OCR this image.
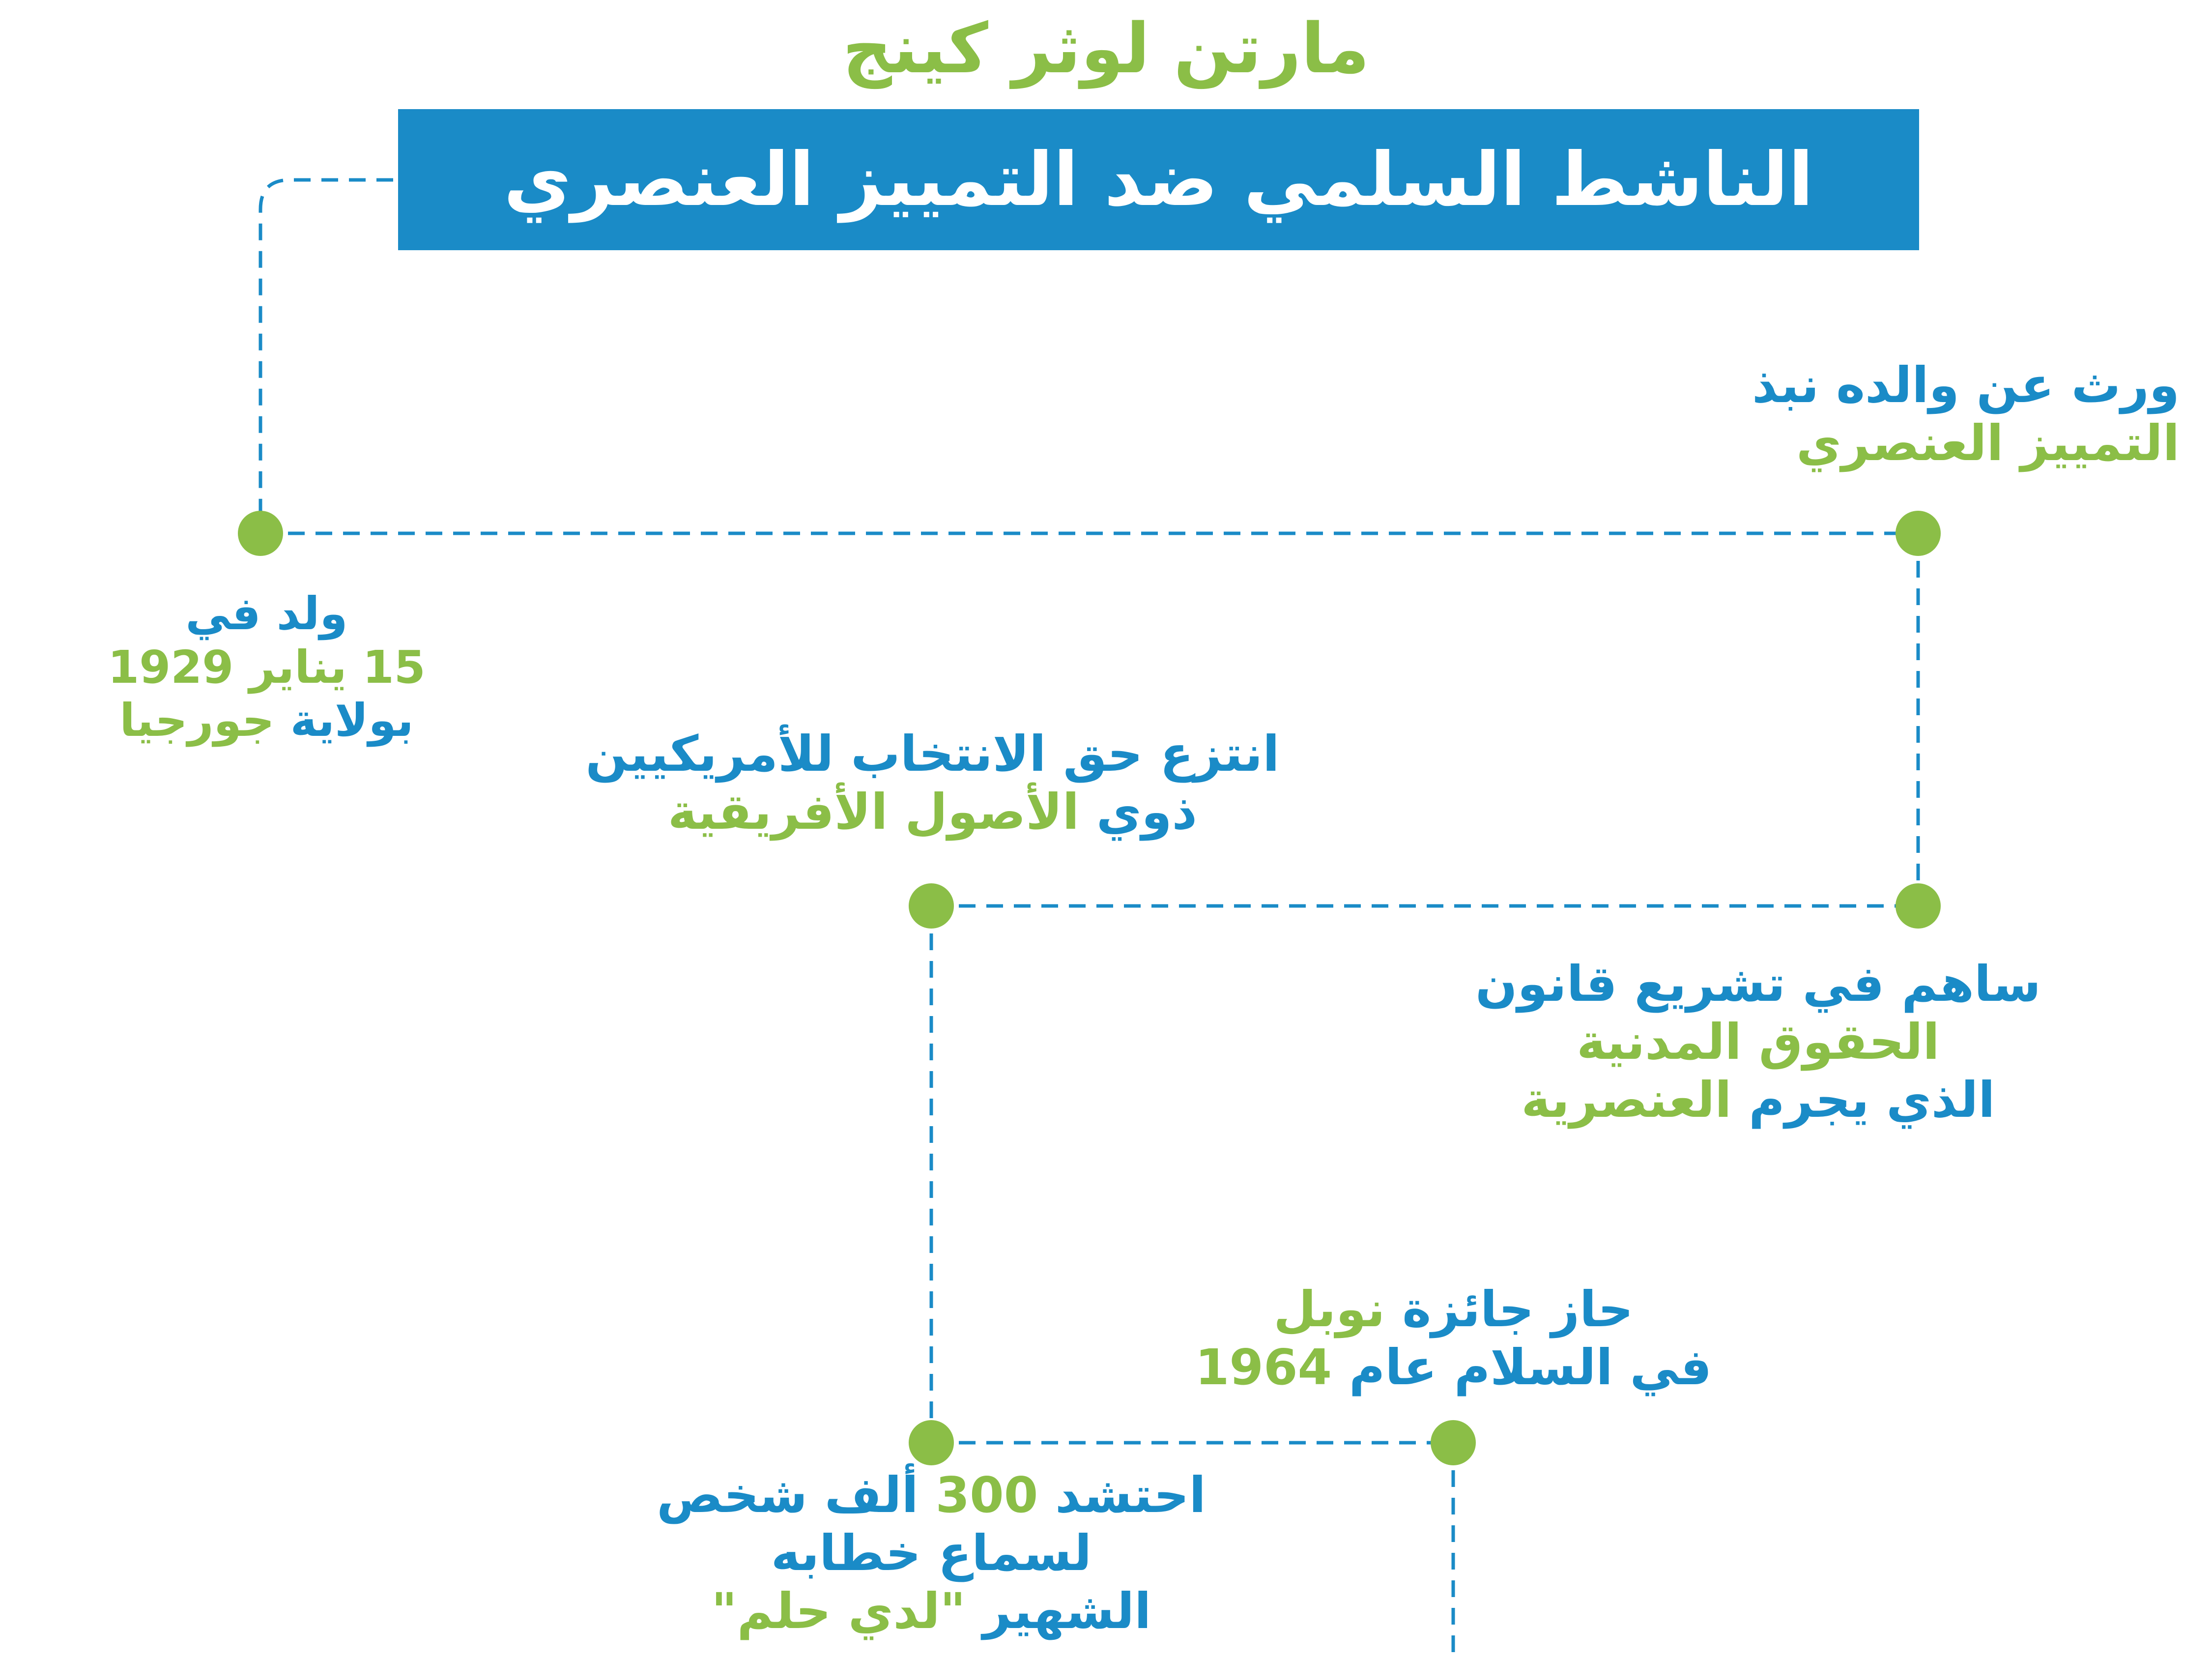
مارتن لوثر كينج
الناشط السلمي ضد التمييز العنصري
ولد في
15 يناير 1929
بولاية جورجيا
ورث عن والده نبذ
التمييز العنصري
ساهم في تشريع قانون
الحقوق المدنية
الذي يجرم العنصرية
انتزع حق الانتخاب للأمريكيين
ذوي الأصول الأفريقية
حاز جائزة نوبل
في السلام عام 1964
احتشد 300 ألف شخص
لسماع خطابه
الشهير "لدي حلم"
